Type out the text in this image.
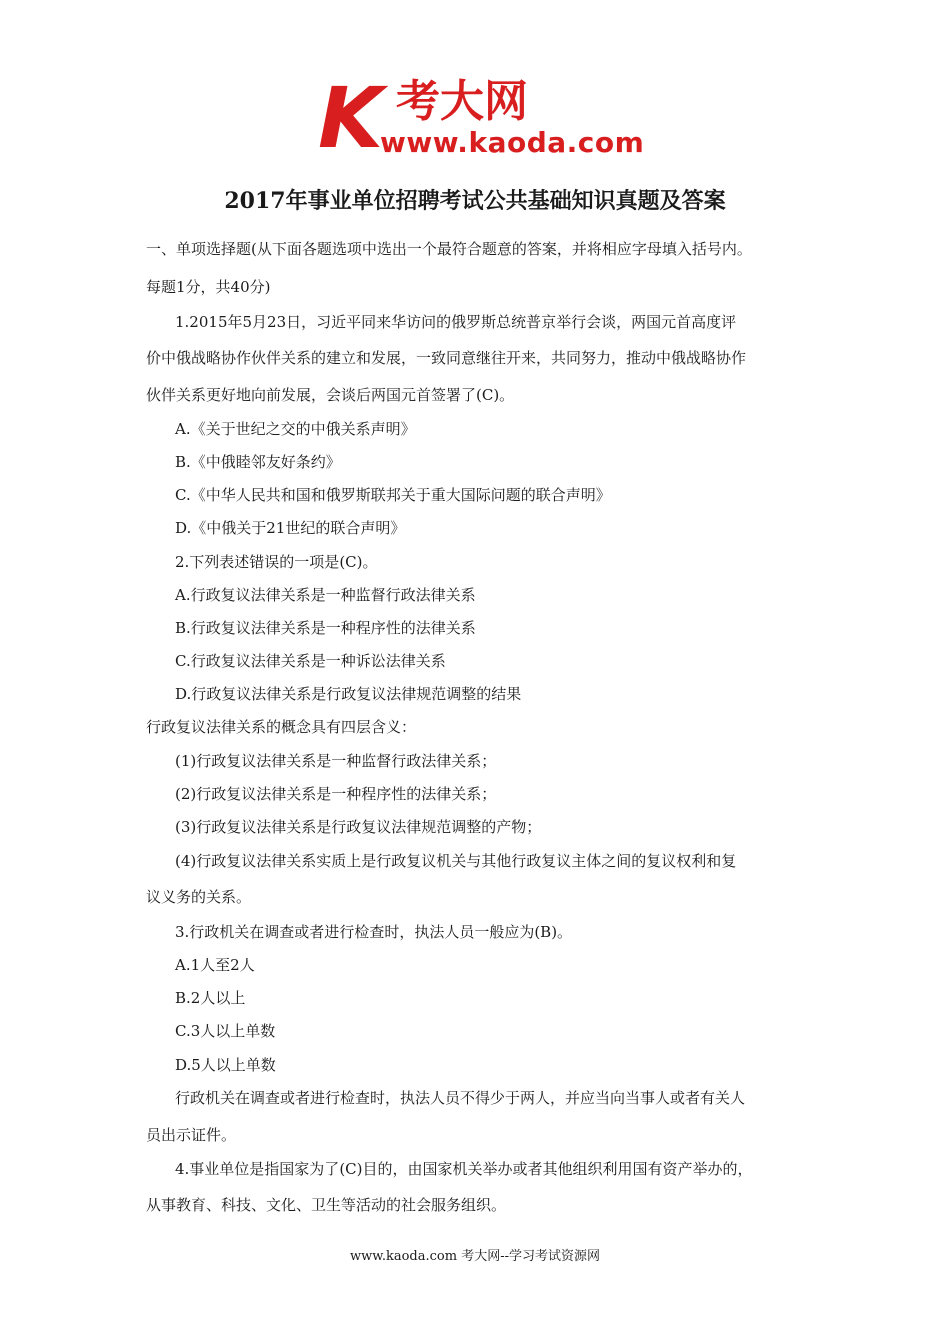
K 考大网
www.kaoda.com
2017年事业单位招聘考试公共基础知识真题及答案
一、单项选择题(从下面各题选项中选出一个最符合题意的答案，并将相应字母填入括号内。
每题1分，共40分)
1.2015年5月23日，习近平同来华访问的俄罗斯总统普京举行会谈，两国元首高度评
价中俄战略协作伙伴关系的建立和发展，一致同意继往开来，共同努力，推动中俄战略协作
伙伴关系更好地向前发展，会谈后两国元首签署了(C)。
A.《关于世纪之交的中俄关系声明》
B.《中俄睦邻友好条约》
C.《中华人民共和国和俄罗斯联邦关于重大国际问题的联合声明》
D.《中俄关于21世纪的联合声明》
2.下列表述错误的一项是(C)。
A.行政复议法律关系是一种监督行政法律关系
B.行政复议法律关系是一种程序性的法律关系
C.行政复议法律关系是一种诉讼法律关系
D.行政复议法律关系是行政复议法律规范调整的结果
行政复议法律关系的概念具有四层含义：
(1)行政复议法律关系是一种监督行政法律关系；
(2)行政复议法律关系是一种程序性的法律关系；
(3)行政复议法律关系是行政复议法律规范调整的产物；
(4)行政复议法律关系实质上是行政复议机关与其他行政复议主体之间的复议权利和复
议义务的关系。
3.行政机关在调查或者进行检查时，执法人员一般应为(B)。
A.1人至2人
B.2人以上
C.3人以上单数
D.5人以上单数
行政机关在调查或者进行检查时，执法人员不得少于两人，并应当向当事人或者有关人
员出示证件。
4.事业单位是指国家为了(C)目的，由国家机关举办或者其他组织利用国有资产举办的，
从事教育、科技、文化、卫生等活动的社会服务组织。
www.kaoda.com 考大网--学习考试资源网
